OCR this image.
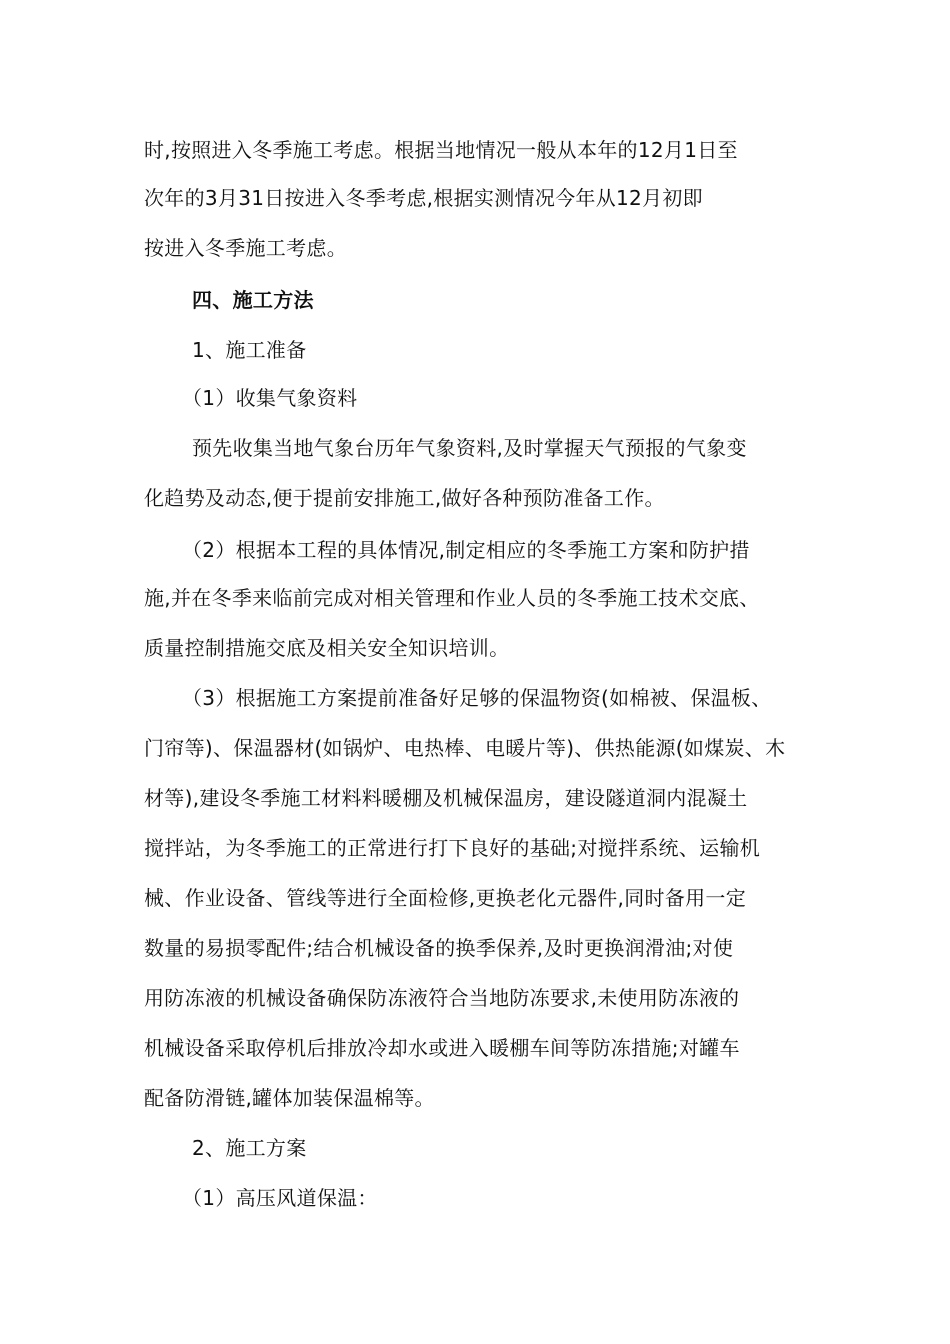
时,按照进入冬季施工考虑。根据当地情况一般从本年的12月1日至
次年的3月31日按进入冬季考虑,根据实测情况今年从12月初即
按进入冬季施工考虑。
四、施工方法
1、施工准备
（1）收集气象资料
预先收集当地气象台历年气象资料,及时掌握天气预报的气象变
化趋势及动态,便于提前安排施工,做好各种预防准备工作。
（2）根据本工程的具体情况,制定相应的冬季施工方案和防护措
施,并在冬季来临前完成对相关管理和作业人员的冬季施工技术交底、
质量控制措施交底及相关安全知识培训。
（3）根据施工方案提前准备好足够的保温物资(如棉被、保温板、
门帘等)、保温器材(如锅炉、电热棒、电暖片等)、供热能源(如煤炭、木
材等),建设冬季施工材料料暖棚及机械保温房，建设隧道洞内混凝土
搅拌站，为冬季施工的正常进行打下良好的基础;对搅拌系统、运输机
械、作业设备、管线等进行全面检修,更换老化元器件,同时备用一定
数量的易损零配件;结合机械设备的换季保养,及时更换润滑油;对使
用防冻液的机械设备确保防冻液符合当地防冻要求,未使用防冻液的
机械设备采取停机后排放冷却水或进入暖棚车间等防冻措施;对罐车
配备防滑链,罐体加装保温棉等。
2、施工方案
（1）高压风道保温：
